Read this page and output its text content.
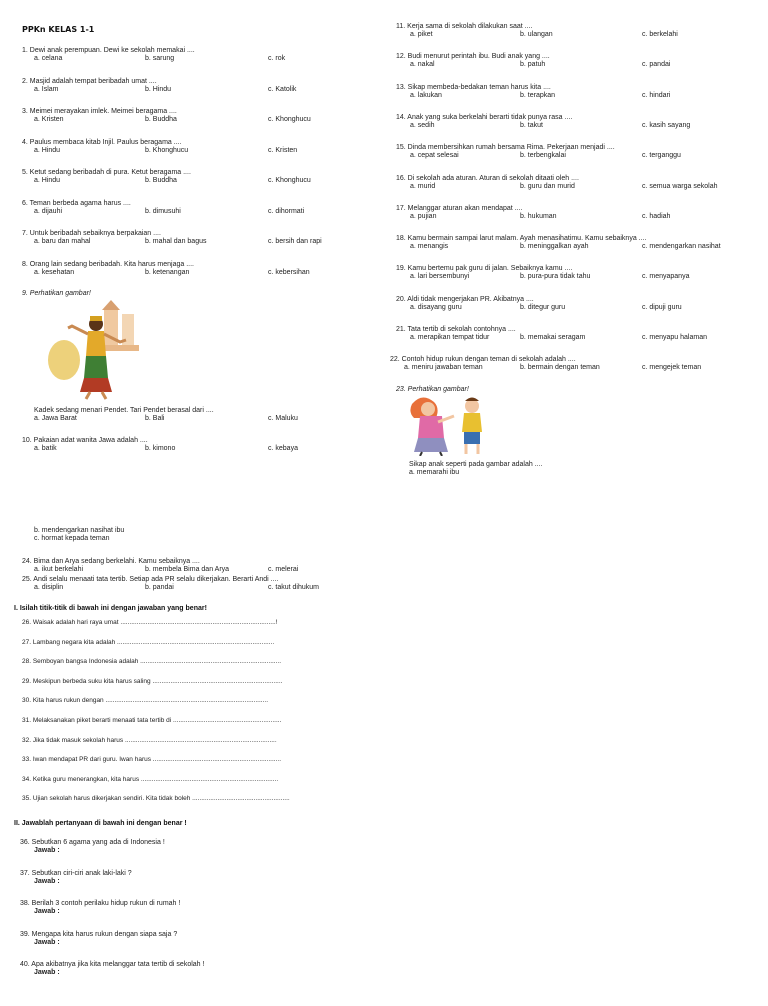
PPKn KELAS 1-1
1. Dewi anak perempuan. Dewi ke sekolah memakai ....
a. celana	b. sarung	c. rok
2. Masjid adalah tempat beribadah umat ....
a. Islam	b. Hindu	c. Katolik
3. Meimei merayakan imlek. Meimei beragama ....
a. Kristen	b. Buddha	c. Khonghucu
4. Paulus membaca kitab Injil. Paulus beragama ....
a. Hindu	b. Khonghucu	c. Kristen
5. Ketut sedang beribadah di pura. Ketut beragama ....
a. Hindu	b. Buddha	c. Khonghucu
6. Teman berbeda agama harus ....
a. dijauhi	b. dimusuhi	c. dihormati
7. Untuk beribadah sebaiknya berpakaian ....
a. baru dan mahal	b. mahal dan bagus	c. bersih dan rapi
8. Orang lain sedang beribadah. Kita harus menjaga ....
a. kesehatan	b. ketenangan	c. kebersihan
9. Perhatikan gambar!
Kadek sedang menari Pendet. Tari Pendet berasal dari ....
a. Jawa Barat	b. Bali	c. Maluku
10. Pakaian adat wanita Jawa adalah ....
a. batik	b. kimono	c. kebaya
11. Kerja sama di sekolah dilakukan saat ....
a. piket	b. ulangan	c. berkelahi
12. Budi menurut perintah ibu. Budi anak yang ....
a. nakal	b. patuh	c. pandai
13. Sikap membeda-bedakan teman harus kita ....
a. lakukan	b. terapkan	c. hindari
14. Anak yang suka berkelahi berarti tidak punya rasa ....
a. sedih	b. takut	c. kasih sayang
15. Dinda membersihkan rumah bersama Rima. Pekerjaan menjadi ....
a. cepat selesai	b. terbengkalai	c. terganggu
16. Di sekolah ada aturan. Aturan di sekolah ditaati oleh ....
a. murid	b. guru dan murid	c. semua warga sekolah
17. Melanggar aturan akan mendapat ....
a. pujian	b. hukuman	c. hadiah
18. Kamu bermain sampai larut malam. Ayah menasihatimu. Kamu sebaiknya ....
a. menangis	b. meninggalkan ayah	c. mendengarkan nasihat
19. Kamu bertemu pak guru di jalan. Sebaiknya kamu ....
a. lari bersembunyi	b. pura-pura tidak tahu	c. menyapanya
20. Aldi tidak mengerjakan PR. Akibatnya ....
a. disayang guru	b. ditegur guru	c. dipuji guru
21. Tata tertib di sekolah contohnya ....
a. merapikan tempat tidur	b. memakai seragam	c. menyapu halaman
22. Contoh hidup rukun dengan teman di sekolah adalah ....
a. meniru jawaban teman	b. bermain dengan teman	c. mengejek teman
23. Perhatikan gambar!
Sikap anak seperti pada gambar adalah ....
a. memarahi ibu
b. mendengarkan nasihat ibu
c. hormat kepada teman
24. Bima dan Arya sedang berkelahi. Kamu sebaiknya ....
a. ikut berkelahi	b. membela Bima dan Arya	c. melerai
25. Andi selalu menaati tata tertib. Setiap ada PR selalu dikerjakan. Berarti Andi ....
a. disiplin	b. pandai	c. takut dihukum
I. Isilah titik-titik di bawah ini dengan jawaban yang benar!
26. Waisak adalah hari raya umat ......................................................................................!
27. Lambang negara kita adalah .......................................................................................
28. Semboyan bangsa Indonesia adalah ..............................................................................
29. Meskipun berbeda suku kita harus saling ........................................................................
30. Kita harus rukun dengan ..........................................................................................
31. Melaksanakan piket berarti menaati tata tertib di ............................................................
32. Jika tidak masuk sekolah harus ....................................................................................
33. Iwan mendapat PR dari guru. Iwan harus .......................................................................
34. Ketika guru menerangkan, kita harus ............................................................................
35. Ujian sekolah harus dikerjakan sendiri. Kita tidak boleh ......................................................
II. Jawablah pertanyaan di bawah ini dengan benar !
36. Sebutkan 6 agama yang ada di Indonesia !
Jawab :
37. Sebutkan ciri-ciri anak laki-laki ?
Jawab :
38. Berilah 3 contoh perilaku hidup rukun di rumah !
Jawab :
39. Mengapa kita harus rukun dengan siapa saja ?
Jawab :
40. Apa akibatnya jika kita melanggar tata tertib di sekolah !
Jawab :
